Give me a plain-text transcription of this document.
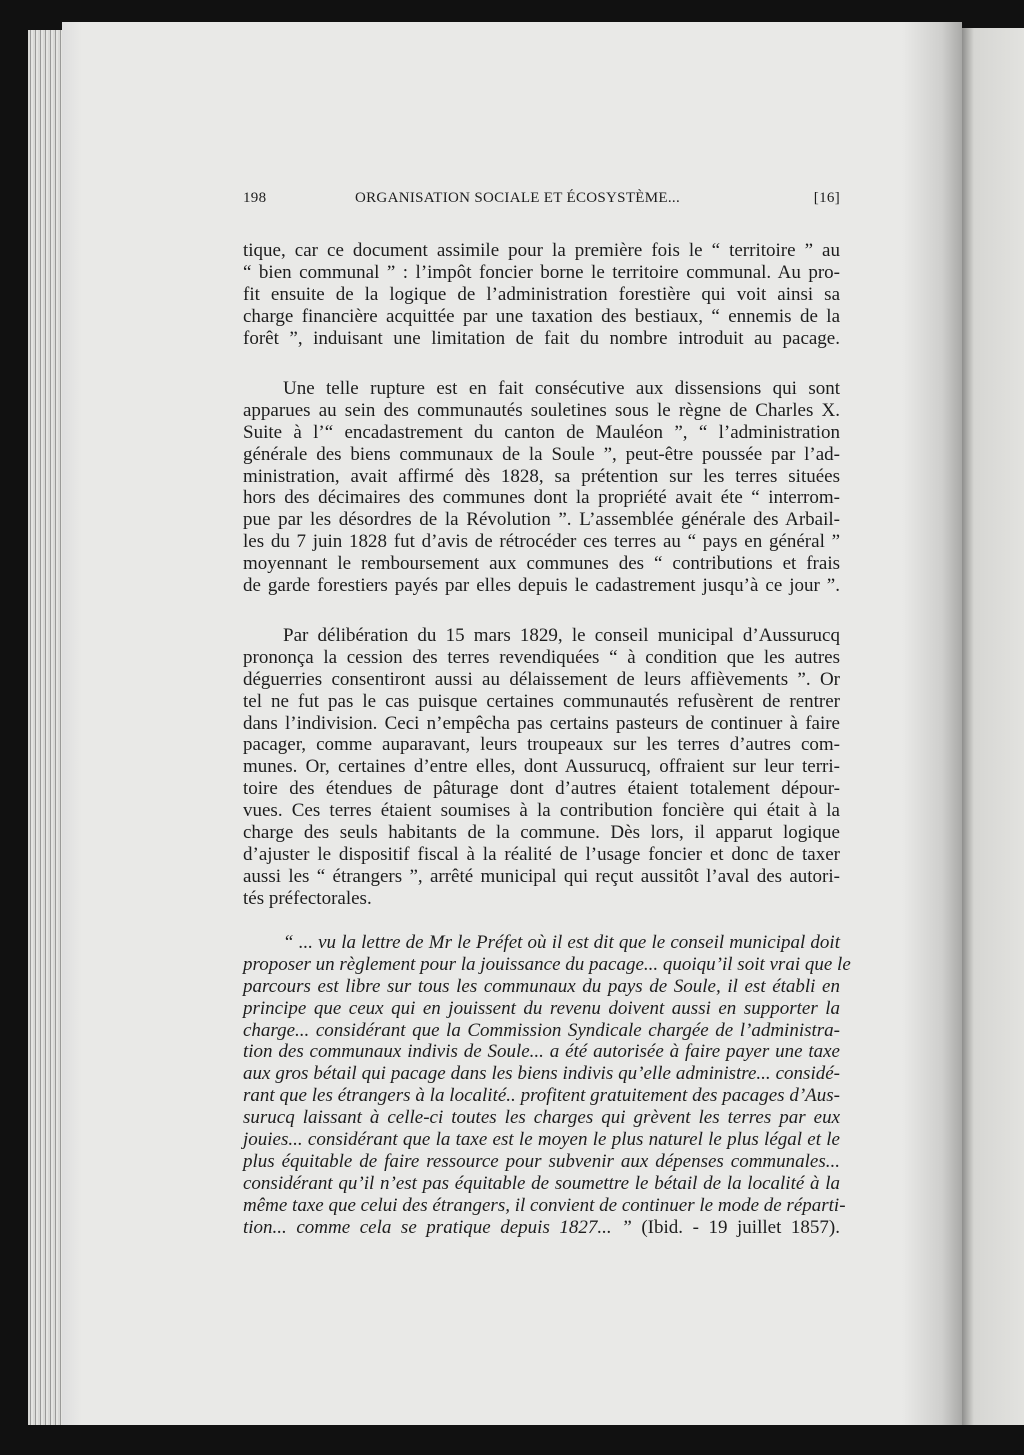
198	ORGANISATION SOCIALE ET ÉCOSYSTÈME...	[16]
tique, car ce document assimile pour la première fois le “ territoire ” au
“ bien communal ” : l’impôt foncier borne le territoire communal. Au pro-
fit ensuite de la logique de l’administration forestière qui voit ainsi sa
charge financière acquittée par une taxation des bestiaux, “ ennemis de la
forêt ”, induisant une limitation de fait du nombre introduit au pacage.
Une telle rupture est en fait consécutive aux dissensions qui sont
apparues au sein des communautés souletines sous le règne de Charles X.
Suite à l’“ encadastrement du canton de Mauléon ”, “ l’administration
générale des biens communaux de la Soule ”, peut-être poussée par l’ad-
ministration, avait affirmé dès 1828, sa prétention sur les terres situées
hors des décimaires des communes dont la propriété avait éte “ interrom-
pue par les désordres de la Révolution ”. L’assemblée générale des Arbail-
les du 7 juin 1828 fut d’avis de rétrocéder ces terres au “ pays en général ”
moyennant le remboursement aux communes des “ contributions et frais
de garde forestiers payés par elles depuis le cadastrement jusqu’à ce jour ”.
Par délibération du 15 mars 1829, le conseil municipal d’Aussurucq
prononça la cession des terres revendiquées “ à condition que les autres
déguerries consentiront aussi au délaissement de leurs affièvements ”. Or
tel ne fut pas le cas puisque certaines communautés refusèrent de rentrer
dans l’indivision. Ceci n’empêcha pas certains pasteurs de continuer à faire
pacager, comme auparavant, leurs troupeaux sur les terres d’autres com-
munes. Or, certaines d’entre elles, dont Aussurucq, offraient sur leur terri-
toire des étendues de pâturage dont d’autres étaient totalement dépour-
vues. Ces terres étaient soumises à la contribution foncière qui était à la
charge des seuls habitants de la commune. Dès lors, il apparut logique
d’ajuster le dispositif fiscal à la réalité de l’usage foncier et donc de taxer
aussi les “ étrangers ”, arrêté municipal qui reçut aussitôt l’aval des autori-
tés préfectorales.
“ ... vu la lettre de Mr le Préfet où il est dit que le conseil municipal doit
proposer un règlement pour la jouissance du pacage... quoiqu’il soit vrai que le
parcours est libre sur tous les communaux du pays de Soule, il est établi en
principe que ceux qui en jouissent du revenu doivent aussi en supporter la
charge... considérant que la Commission Syndicale chargée de l’administra-
tion des communaux indivis de Soule... a été autorisée à faire payer une taxe
aux gros bétail qui pacage dans les biens indivis qu’elle administre... considé-
rant que les étrangers à la localité.. profitent gratuitement des pacages d’Aus-
surucq laissant à celle-ci toutes les charges qui grèvent les terres par eux
jouies... considérant que la taxe est le moyen le plus naturel le plus légal et le
plus équitable de faire ressource pour subvenir aux dépenses communales...
considérant qu’il n’est pas équitable de soumettre le bétail de la localité à la
même taxe que celui des étrangers, il convient de continuer le mode de réparti-
tion... comme cela se pratique depuis 1827... ” (Ibid. - 19 juillet 1857).
